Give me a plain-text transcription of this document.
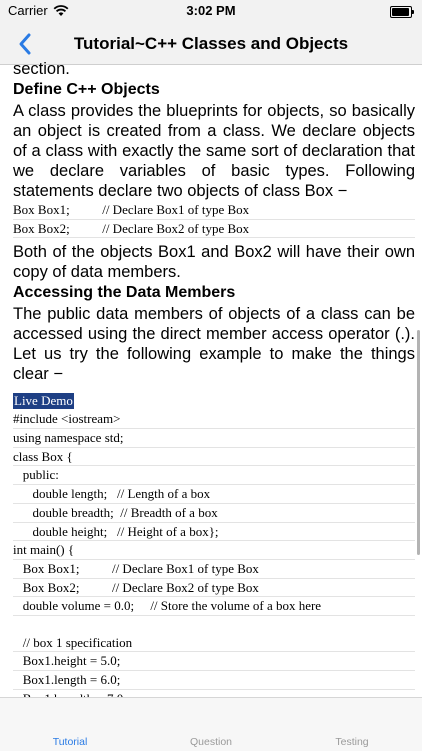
Carrier	3:02 PM
Tutorial~C++ Classes and Objects

section.

Define C++ Objects

A class provides the blueprints for objects, so basically an object is created from a class. We declare objects of a class with exactly the same sort of declaration that we declare variables of basic types. Following statements declare two objects of class Box −

Box Box1;          // Declare Box1 of type Box
Box Box2;          // Declare Box2 of type Box

Both of the objects Box1 and Box2 will have their own copy of data members.

Accessing the Data Members

The public data members of objects of a class can be accessed using the direct member access operator (.). Let us try the following example to make the things clear −

Live Demo
#include <iostream>
using namespace std;
class Box {
public:
double length;   // Length of a box
double breadth;  // Breadth of a box
double height;   // Height of a box};
int main() {
Box Box1;          // Declare Box1 of type Box
Box Box2;          // Declare Box2 of type Box
double volume = 0.0;     // Store the volume of a box here
// box 1 specification
Box1.height = 5.0;
Box1.length = 6.0;
Tutorial	Question	Testing
